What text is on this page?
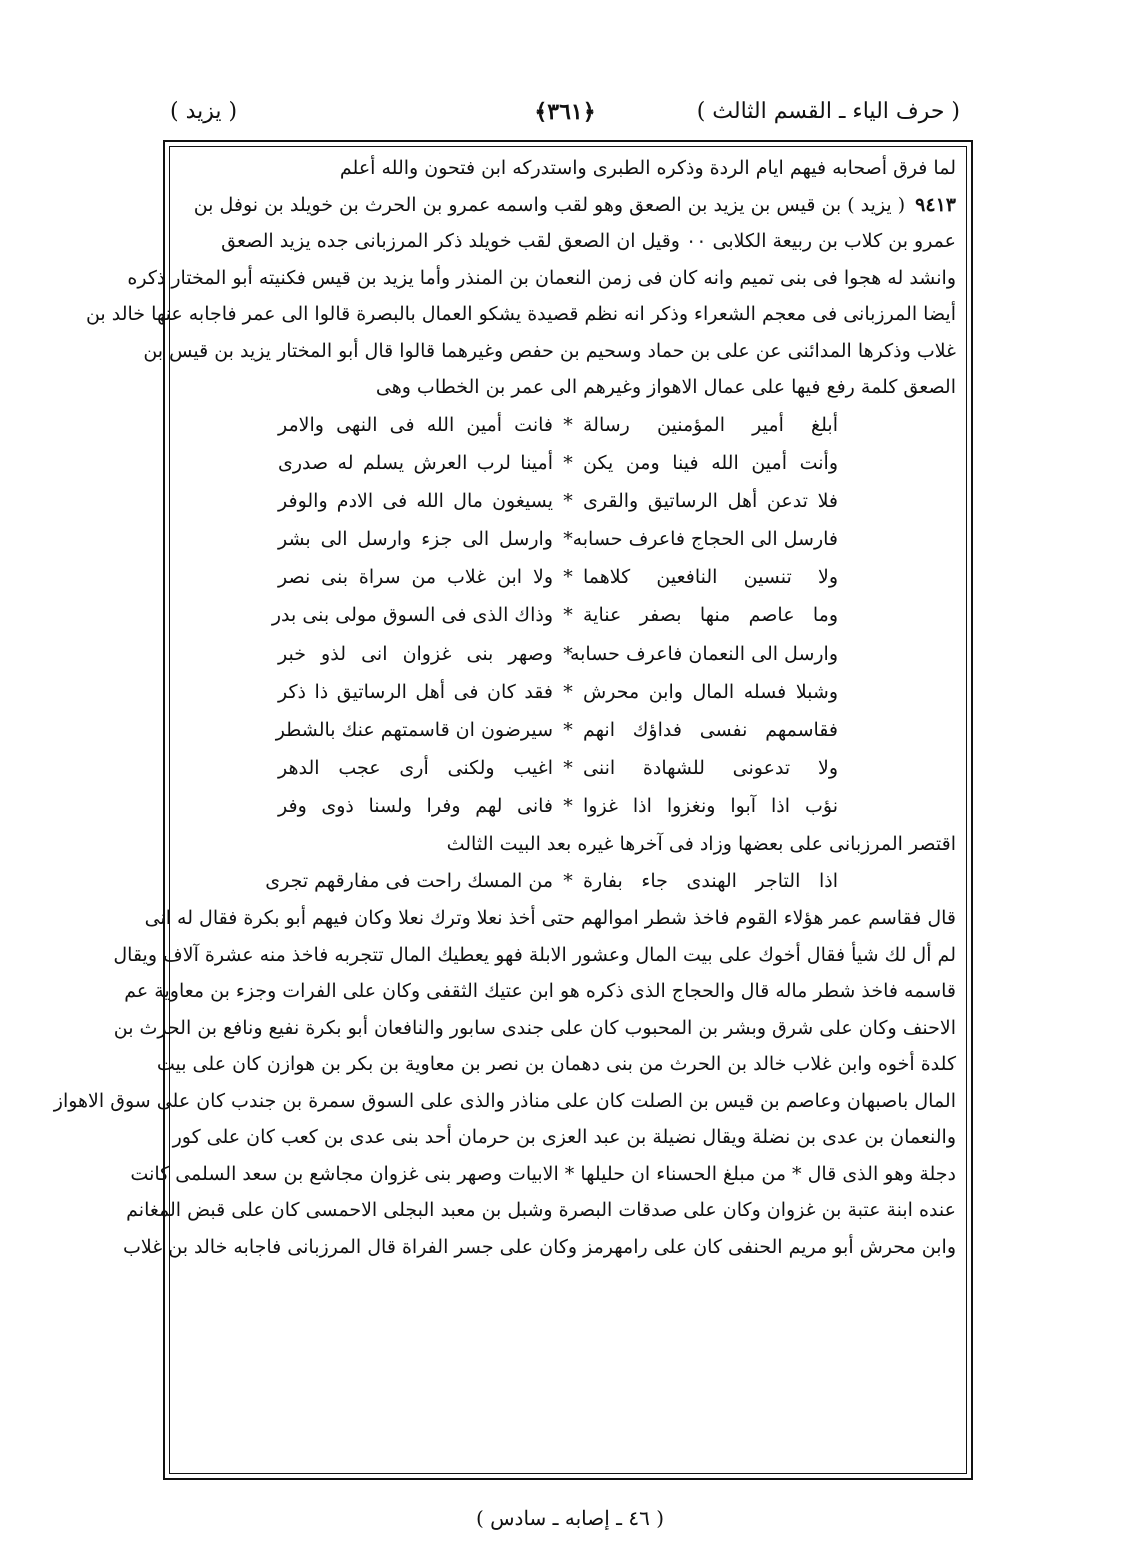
( حرف الياء ـ القسم الثالث )
﴿٣٦١﴾
( يزيد )
لما فرق أصحابه فيهم ايام الردة وذكره الطبرى واستدركه ابن فتحون والله أعلم
٩٤١٣( يزيد ) بن قيس بن يزيد بن الصعق وهو لقب واسمه عمرو بن الحرث بن خويلد بن نوفل بن
عمرو بن كلاب بن ربيعة الكلابى ٠٠ وقيل ان الصعق لقب خويلد ذكر المرزبانى جده يزيد الصعق
وانشد له هجوا فى بنى تميم وانه كان فى زمن النعمان بن المنذر وأما يزيد بن قيس فكنيته أبو المختار ذكره
أيضا المرزبانى فى معجم الشعراء وذكر انه نظم قصيدة يشكو العمال بالبصرة قالوا الى عمر فاجابه عنها خالد بن
غلاب وذكرها المدائنى عن على بن حماد وسحيم بن حفص وغيرهما قالوا قال أبو المختار يزيد بن قيس بن
الصعق كلمة رفع فيها على عمال الاهواز وغيرهم الى عمر بن الخطاب وهى
أبلغ أمير المؤمنين رسالة
*
فانت أمين الله فى النهى والامر
وأنت أمين الله فينا ومن يكن
*
أمينا لرب العرش يسلم له صدرى
فلا تدعن أهل الرساتيق والقرى
*
يسيغون مال الله فى الادم والوفر
فارسل الى الحجاج فاعرف حسابه
*
وارسل الى جزء وارسل الى بشر
ولا تنسين النافعين كلاهما
*
ولا ابن غلاب من سراة بنى نصر
وما عاصم منها بصفر عناية
*
وذاك الذى فى السوق مولى بنى بدر
وارسل الى النعمان فاعرف حسابه
*
وصهر بنى غزوان انى لذو خبر
وشبلا فسله المال وابن محرش
*
فقد كان فى أهل الرساتيق ذا ذكر
فقاسمهم نفسى فداؤك انهم
*
سيرضون ان قاسمتهم عنك بالشطر
ولا تدعونى للشهادة اننى
*
اغيب ولكنى أرى عجب الدهر
نؤب اذا آبوا ونغزوا اذا غزوا
*
فانى لهم وفرا ولسنا ذوى وفر
اقتصر المرزبانى على بعضها وزاد فى آخرها غيره بعد البيت الثالث
اذا التاجر الهندى جاء بفارة
*
من المسك راحت فى مفارقهم تجرى
قال فقاسم عمر هؤلاء القوم فاخذ شطر اموالهم حتى أخذ نعلا وترك نعلا وكان فيهم أبو بكرة فقال له انى
لم أل لك شيأ فقال أخوك على بيت المال وعشور الابلة فهو يعطيك المال تتجربه فاخذ منه عشرة آلاف ويقال
قاسمه فاخذ شطر ماله قال والحجاج الذى ذكره هو ابن عتيك الثقفى وكان على الفرات وجزء بن معاوية عم
الاحنف وكان على شرق وبشر بن المحبوب كان على جندى سابور والنافعان أبو بكرة نفيع ونافع بن الحرث بن
كلدة أخوه وابن غلاب خالد بن الحرث من بنى دهمان بن نصر بن معاوية بن بكر بن هوازن كان على بيت
المال باصبهان وعاصم بن قيس بن الصلت كان على مناذر والذى على السوق سمرة بن جندب كان على سوق الاهواز
والنعمان بن عدى بن نضلة ويقال نضيلة بن عبد العزى بن حرمان أحد بنى عدى بن كعب كان على كور
دجلة وهو الذى قال * من مبلغ الحسناء ان حليلها * الابيات وصهر بنى غزوان مجاشع بن سعد السلمى كانت
عنده ابنة عتبة بن غزوان وكان على صدقات البصرة وشبل بن معبد البجلى الاحمسى كان على قبض المغانم
وابن محرش أبو مريم الحنفى كان على رامهرمز وكان على جسر الفراة قال المرزبانى فاجابه خالد بن غلاب
( ٤٦ ـ إصابه ـ سادس )
